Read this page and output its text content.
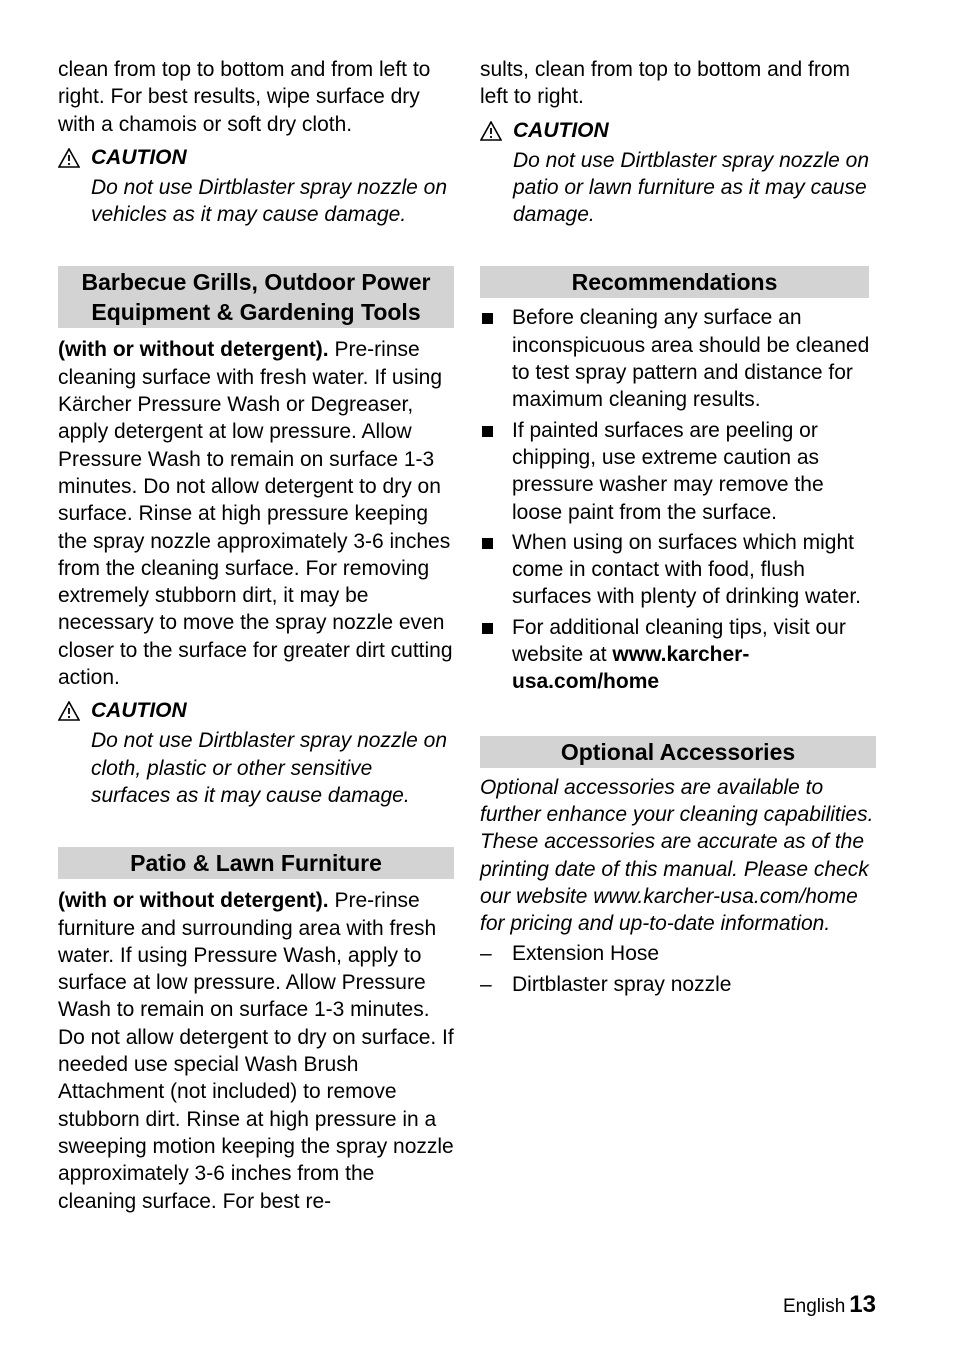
clean from top to bottom and from left to right. For best results, wipe surface dry with a chamois or soft dry cloth.

CAUTION

Do not use Dirtblaster spray nozzle on vehicles as it may cause damage.

Barbecue Grills, Outdoor Power Equipment & Gardening Tools

(with or without detergent). Pre-rinse cleaning surface with fresh water. If using Kärcher Pressure Wash or Degreaser, apply detergent at low pressure. Allow Pressure Wash to remain on surface 1-3 minutes. Do not allow detergent to dry on surface. Rinse at high pressure keeping the spray nozzle approximately 3-6 inches from the cleaning surface. For removing extremely stubborn dirt, it may be necessary to move the spray nozzle even closer to the surface for greater dirt cutting action.

CAUTION

Do not use Dirtblaster spray nozzle on cloth, plastic or other sensitive surfaces as it may cause damage.

Patio & Lawn Furniture

(with or without detergent). Pre-rinse furniture and surrounding area with fresh water. If using Pressure Wash, apply to surface at low pressure. Allow Pressure Wash to remain on surface 1-3 minutes. Do not allow detergent to dry on surface. If needed use special Wash Brush Attachment (not included) to remove stubborn dirt. Rinse at high pressure in a sweeping motion keeping the spray nozzle approximately 3-6 inches from the cleaning surface. For best re-

sults, clean from top to bottom and from left to right.

CAUTION

Do not use Dirtblaster spray nozzle on patio or lawn furniture as it may cause damage.

Recommendations
Before cleaning any surface an inconspicuous area should be cleaned to test spray pattern and distance for maximum cleaning results.
If painted surfaces are peeling or chipping, use extreme caution as pressure washer may remove the loose paint from the surface.
When using on surfaces which might come in contact with food, flush surfaces with plenty of drinking water.
For additional cleaning tips, visit our website at www.karcher-usa.com/home
Optional Accessories

Optional accessories are available to further enhance your cleaning capabilities. These accessories are accurate as of the printing date of this manual. Please check our website www.karcher-usa.com/home for pricing and up-to-date information.

– Extension Hose
– Dirtblaster spray nozzle
English 13
